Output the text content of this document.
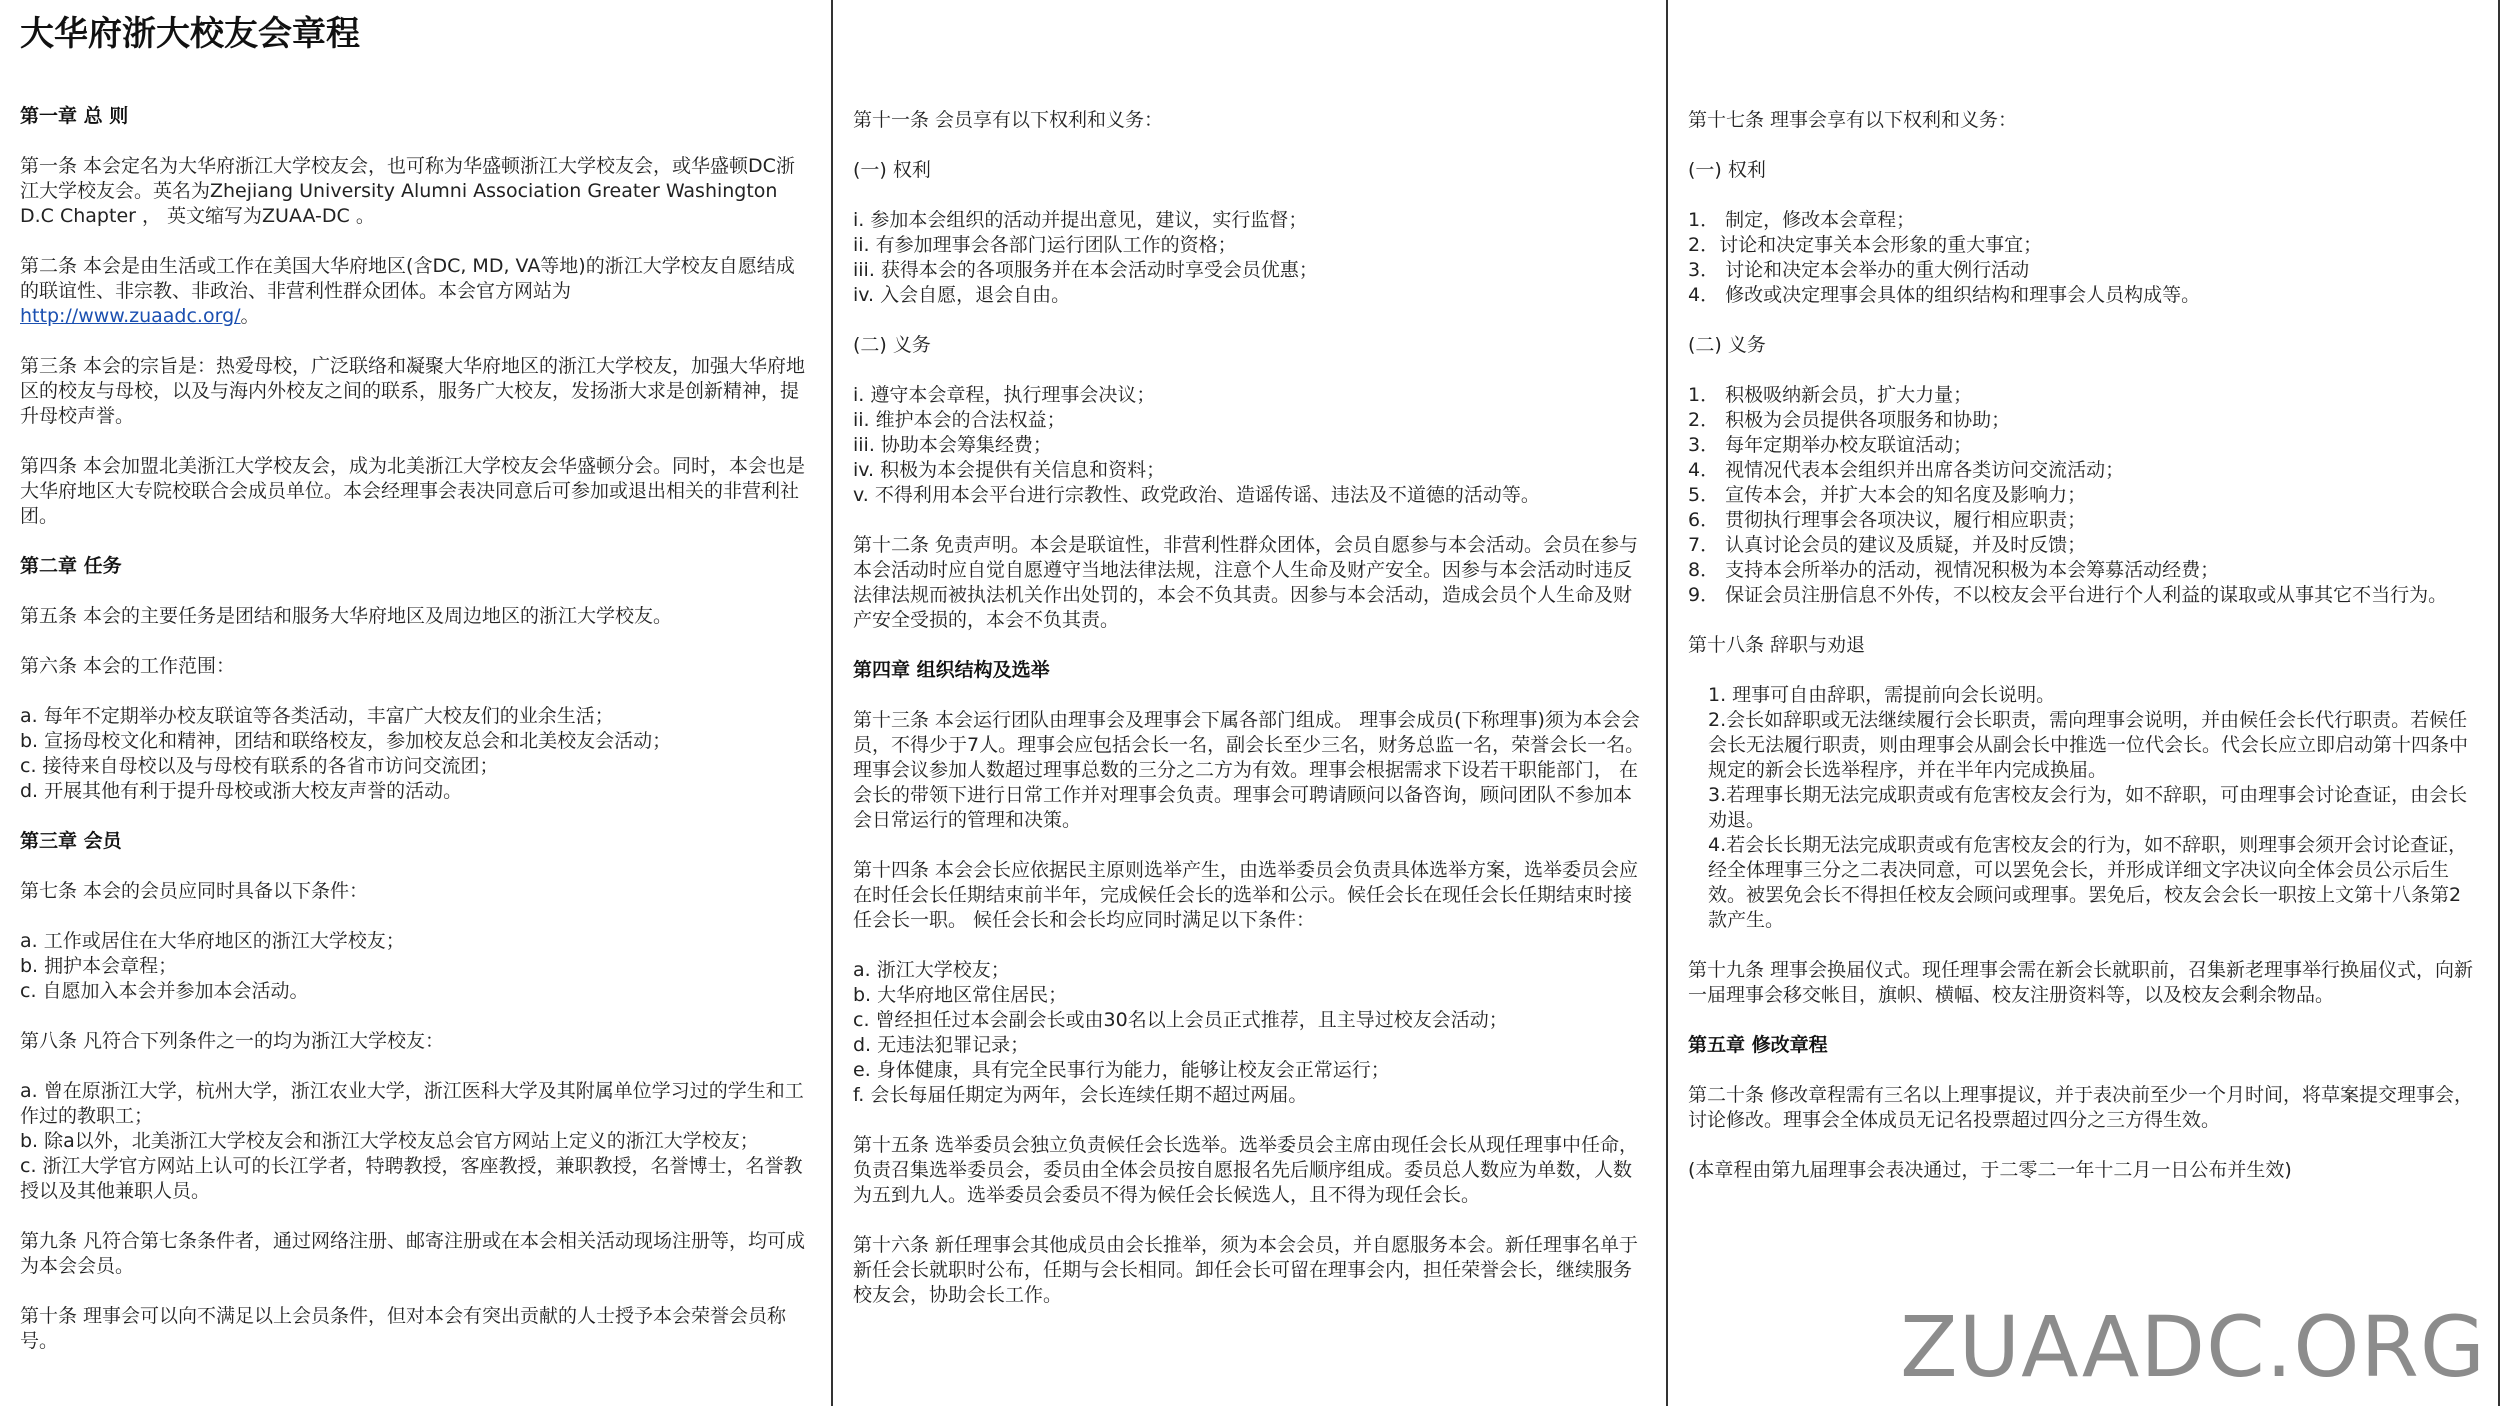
大华府浙大校友会章程
第一章 总 则
第一条 本会定名为大华府浙江大学校友会，也可称为华盛顿浙江大学校友会，或华盛顿DC浙江大学校友会。英名为Zhejiang University Alumni Association Greater Washington D.C Chapter ， 英文缩写为ZUAA-DC 。
第二条 本会是由生活或工作在美国大华府地区(含DC, MD, VA等地)的浙江大学校友自愿结成的联谊性、非宗教、非政治、非营利性群众团体。本会官方网站为
http://www.zuaadc.org/。
第三条 本会的宗旨是：热爱母校，广泛联络和凝聚大华府地区的浙江大学校友，加强大华府地区的校友与母校，以及与海内外校友之间的联系，服务广大校友，发扬浙大求是创新精神，提升母校声誉。
第四条 本会加盟北美浙江大学校友会，成为北美浙江大学校友会华盛顿分会。同时，本会也是大华府地区大专院校联合会成员单位。本会经理事会表决同意后可参加或退出相关的非营利社团。
第二章 任务
第五条 本会的主要任务是团结和服务大华府地区及周边地区的浙江大学校友。
第六条 本会的工作范围：
a. 每年不定期举办校友联谊等各类活动，丰富广大校友们的业余生活；
b. 宣扬母校文化和精神，团结和联络校友，参加校友总会和北美校友会活动；
c. 接待来自母校以及与母校有联系的各省市访问交流团；
d. 开展其他有利于提升母校或浙大校友声誉的活动。
第三章 会员
第七条 本会的会员应同时具备以下条件：
a. 工作或居住在大华府地区的浙江大学校友；
b. 拥护本会章程；
c. 自愿加入本会并参加本会活动。
第八条 凡符合下列条件之一的均为浙江大学校友：
a. 曾在原浙江大学，杭州大学，浙江农业大学，浙江医科大学及其附属单位学习过的学生和工作过的教职工；
b. 除a以外，北美浙江大学校友会和浙江大学校友总会官方网站上定义的浙江大学校友；
c. 浙江大学官方网站上认可的长江学者，特聘教授，客座教授，兼职教授，名誉博士，名誉教授以及其他兼职人员。
第九条 凡符合第七条条件者，通过网络注册、邮寄注册或在本会相关活动现场注册等，均可成为本会会员。
第十条 理事会可以向不满足以上会员条件，但对本会有突出贡献的人士授予本会荣誉会员称号。
第十一条 会员享有以下权利和义务：
(一) 权利
i. 参加本会组织的活动并提出意见，建议，实行监督；
ii. 有参加理事会各部门运行团队工作的资格；
iii. 获得本会的各项服务并在本会活动时享受会员优惠；
iv. 入会自愿，退会自由。
(二) 义务
i. 遵守本会章程，执行理事会决议；
ii. 维护本会的合法权益；
iii. 协助本会筹集经费；
iv. 积极为本会提供有关信息和资料；
v. 不得利用本会平台进行宗教性、政党政治、造谣传谣、违法及不道德的活动等。
第十二条 免责声明。本会是联谊性，非营利性群众团体，会员自愿参与本会活动。会员在参与本会活动时应自觉自愿遵守当地法律法规，注意个人生命及财产安全。因参与本会活动时违反法律法规而被执法机关作出处罚的，本会不负其责。因参与本会活动，造成会员个人生命及财产安全受损的，本会不负其责。
第四章 组织结构及选举
第十三条 本会运行团队由理事会及理事会下属各部门组成。 理事会成员(下称理事)须为本会会员，不得少于7人。理事会应包括会长一名，副会长至少三名，财务总监一名，荣誉会长一名。理事会议参加人数超过理事总数的三分之二方为有效。理事会根据需求下设若干职能部门， 在会长的带领下进行日常工作并对理事会负责。理事会可聘请顾问以备咨询，顾问团队不参加本会日常运行的管理和决策。
第十四条 本会会长应依据民主原则选举产生，由选举委员会负责具体选举方案，选举委员会应在时任会长任期结束前半年，完成候任会长的选举和公示。候任会长在现任会长任期结束时接任会长一职。 候任会长和会长均应同时满足以下条件：
a. 浙江大学校友；
b. 大华府地区常住居民；
c. 曾经担任过本会副会长或由30名以上会员正式推荐，且主导过校友会活动；
d. 无违法犯罪记录；
e. 身体健康，具有完全民事行为能力，能够让校友会正常运行；
f. 会长每届任期定为两年，会长连续任期不超过两届。
第十五条 选举委员会独立负责候任会长选举。选举委员会主席由现任会长从现任理事中任命，负责召集选举委员会，委员由全体会员按自愿报名先后顺序组成。委员总人数应为单数，人数为五到九人。选举委员会委员不得为候任会长候选人，且不得为现任会长。
第十六条 新任理事会其他成员由会长推举，须为本会会员，并自愿服务本会。新任理事名单于新任会长就职时公布，任期与会长相同。卸任会长可留在理事会内，担任荣誉会长，继续服务校友会，协助会长工作。
第十七条 理事会享有以下权利和义务：
(一) 权利
1． 制定，修改本会章程；
2．讨论和决定事关本会形象的重大事宜；
3． 讨论和决定本会举办的重大例行活动
4． 修改或决定理事会具体的组织结构和理事会人员构成等。
(二) 义务
1． 积极吸纳新会员，扩大力量；
2． 积极为会员提供各项服务和协助；
3． 每年定期举办校友联谊活动；
4． 视情况代表本会组织并出席各类访问交流活动；
5． 宣传本会，并扩大本会的知名度及影响力；
6． 贯彻执行理事会各项决议，履行相应职责；
7． 认真讨论会员的建议及质疑，并及时反馈；
8． 支持本会所举办的活动，视情况积极为本会筹募活动经费；
9． 保证会员注册信息不外传，不以校友会平台进行个人利益的谋取或从事其它不当行为。
第十八条 辞职与劝退
1. 理事可自由辞职，需提前向会长说明。
2.会长如辞职或无法继续履行会长职责，需向理事会说明，并由候任会长代行职责。若候任会长无法履行职责，则由理事会从副会长中推选一位代会长。代会长应立即启动第十四条中规定的新会长选举程序，并在半年内完成换届。
3.若理事长期无法完成职责或有危害校友会行为，如不辞职，可由理事会讨论查证，由会长劝退。
4.若会长长期无法完成职责或有危害校友会的行为，如不辞职，则理事会须开会讨论查证，经全体理事三分之二表决同意，可以罢免会长，并形成详细文字决议向全体会员公示后生效。被罢免会长不得担任校友会顾问或理事。罢免后，校友会会长一职按上文第十八条第2款产生。
第十九条 理事会换届仪式。现任理事会需在新会长就职前，召集新老理事举行换届仪式，向新一届理事会移交帐目，旗帜、横幅、校友注册资料等，以及校友会剩余物品。
第五章 修改章程
第二十条 修改章程需有三名以上理事提议，并于表决前至少一个月时间，将草案提交理事会，讨论修改。理事会全体成员无记名投票超过四分之三方得生效。
(本章程由第九届理事会表决通过，于二零二一年十二月一日公布并生效)
ZUAADC.ORG
